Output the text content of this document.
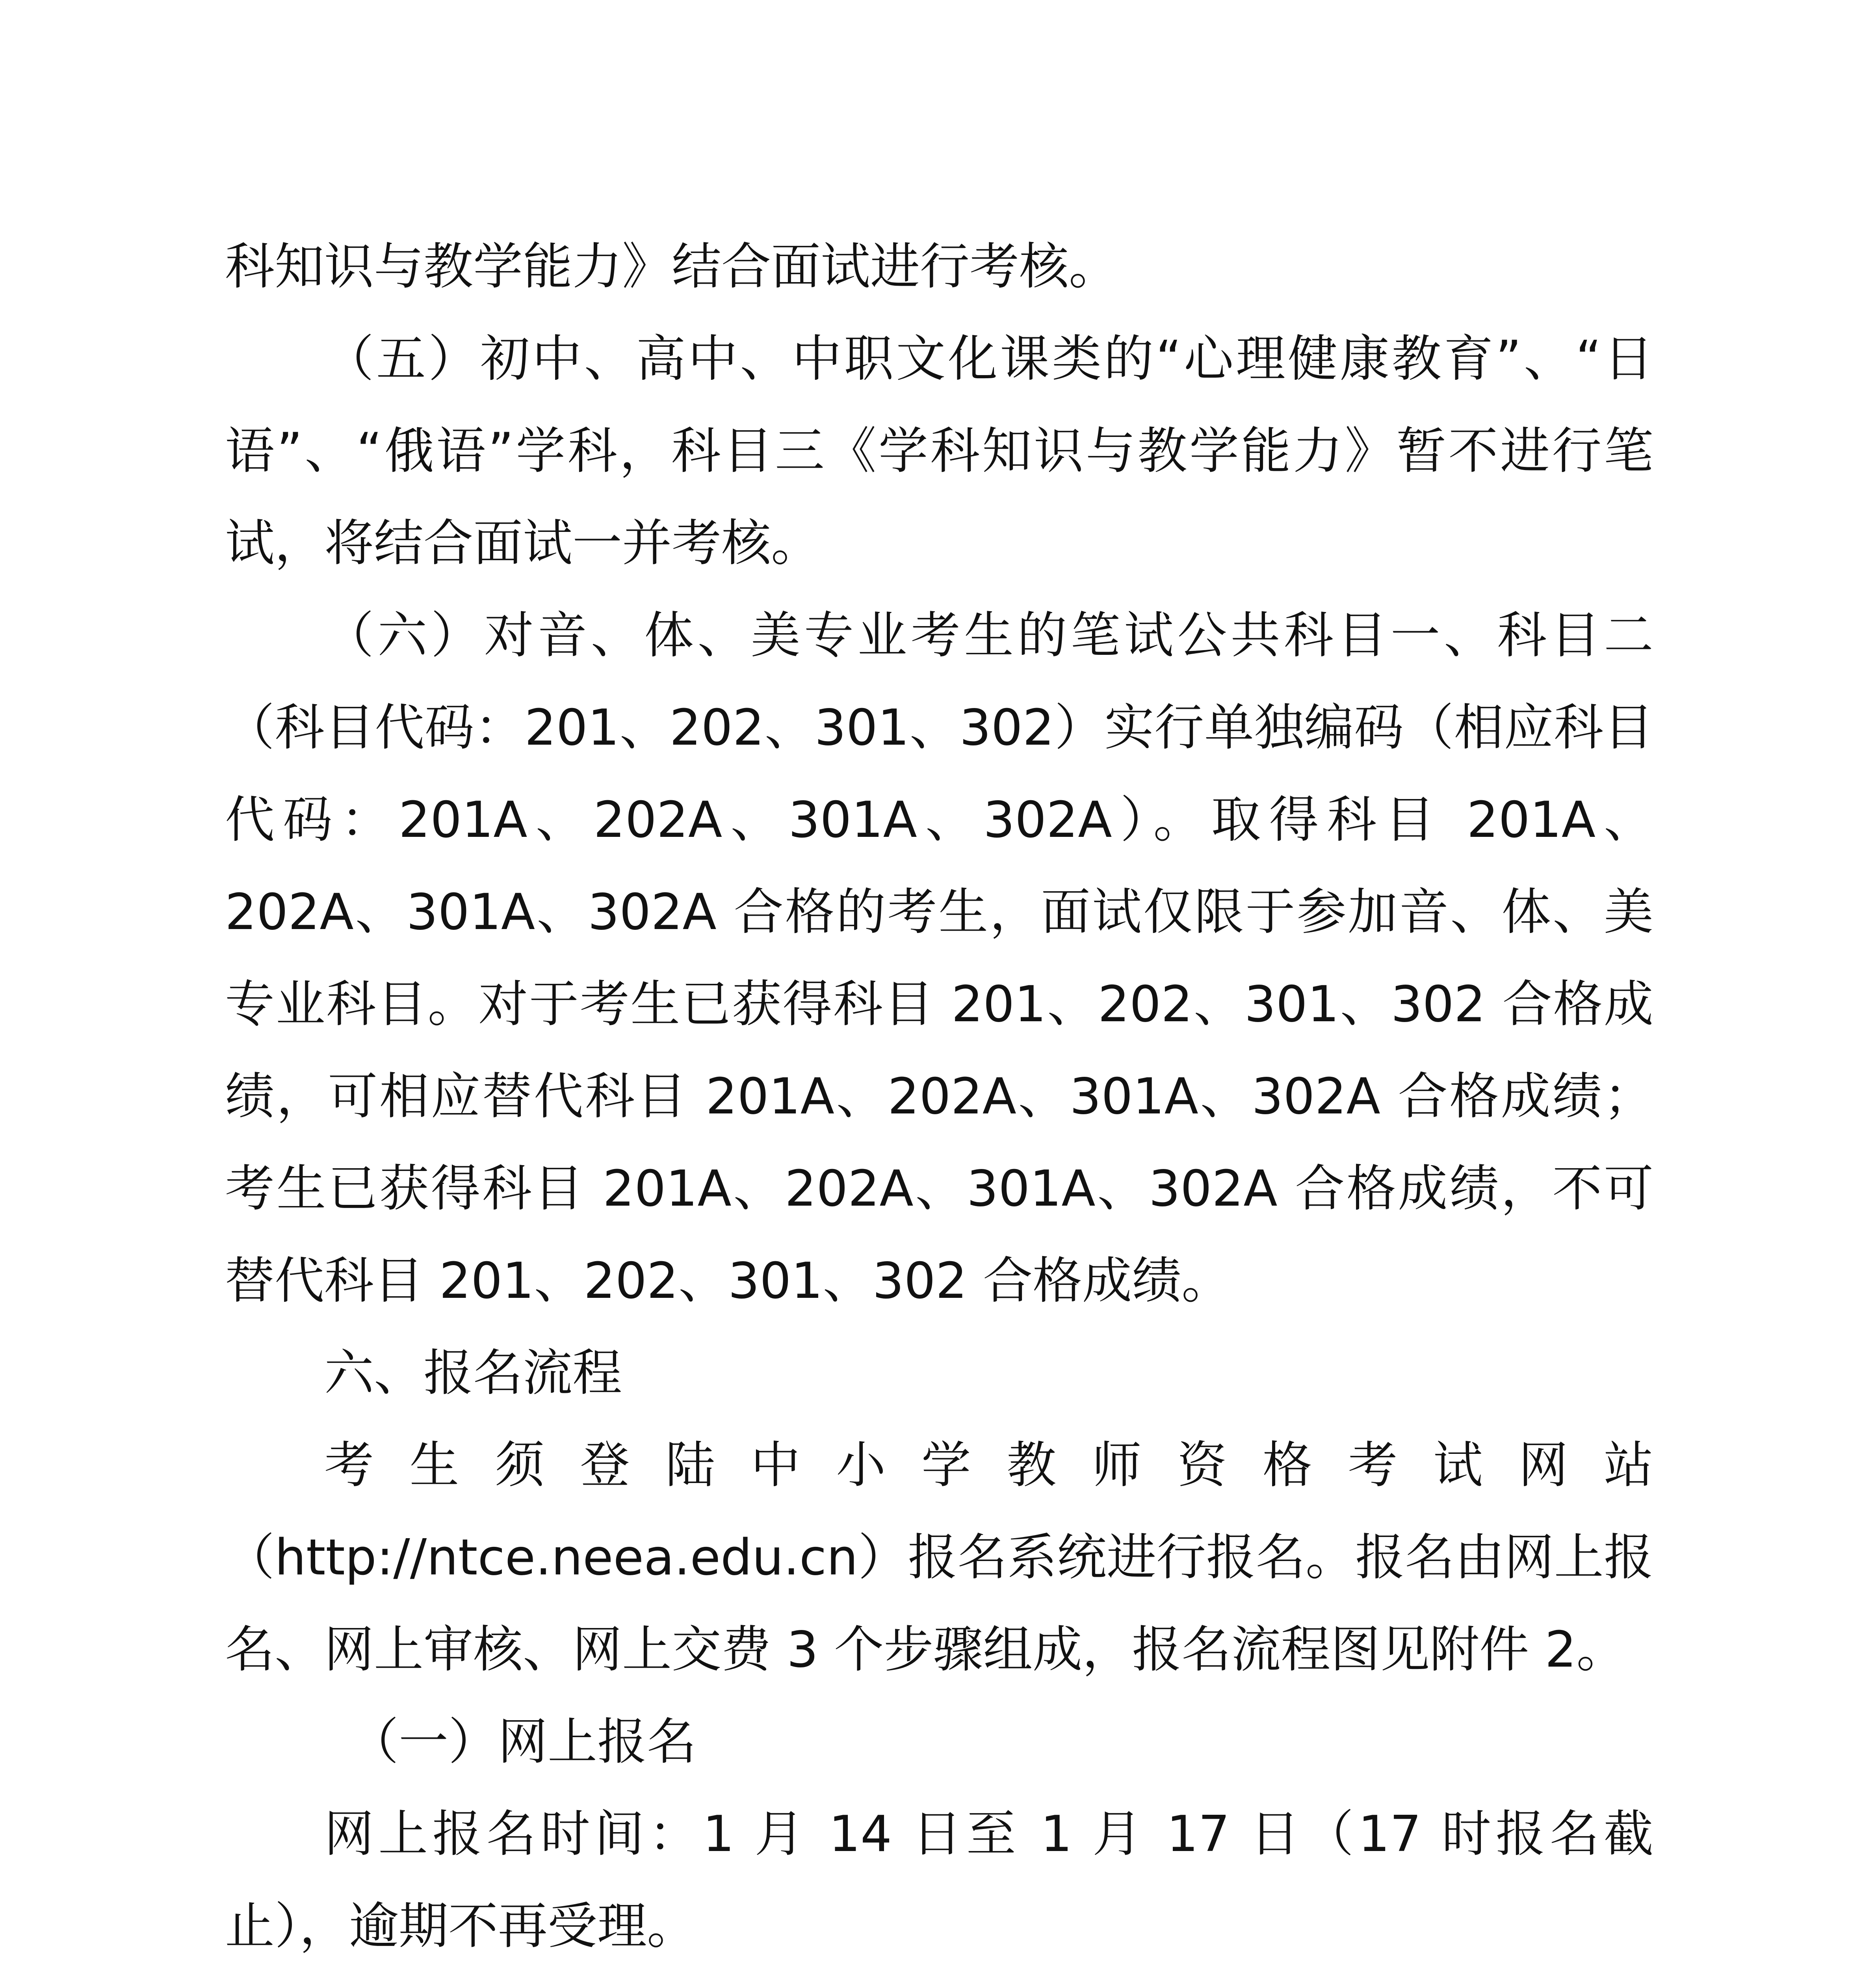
科知识与教学能力》结合面试进行考核。

（五）初中、高中、中职文化课类的“心理健康教育”、“日语”、“俄语”学科，科目三《学科知识与教学能力》暂不进行笔试，将结合面试一并考核。

（六）对音、体、美专业考生的笔试公共科目一、科目二（科目代码：201、202、301、302）实行单独编码（相应科目代码：201A、202A、301A、302A）。取得科目 201A、202A、301A、302A 合格的考生，面试仅限于参加音、体、美专业科目。对于考生已获得科目 201、202、301、302 合格成绩，可相应替代科目 201A、202A、301A、302A 合格成绩；考生已获得科目 201A、202A、301A、302A 合格成绩，不可替代科目 201、202、301、302 合格成绩。

六、报名流程

考生须登陆中小学教师资格考试网站（http://ntce.neea.edu.cn）报名系统进行报名。报名由网上报名、网上审核、网上交费 3 个步骤组成，报名流程图见附件 2。

（一）网上报名

网上报名时间：1 月 14 日至 1 月 17 日（17 时报名截止），逾期不再受理。
